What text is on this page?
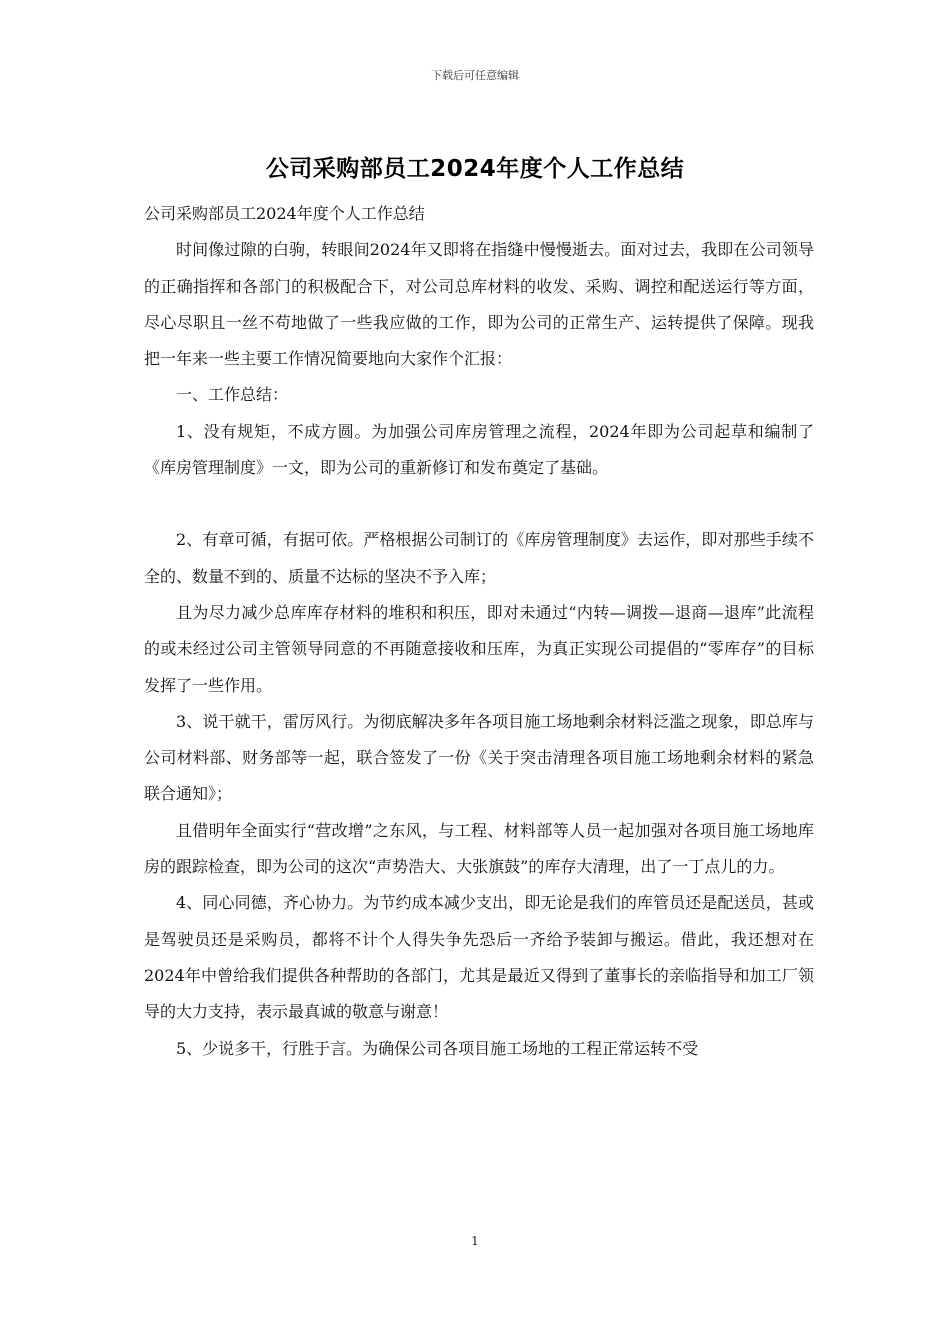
下载后可任意编辑
公司采购部员工2024年度个人工作总结

公司采购部员工2024年度个人工作总结

时间像过隙的白驹，转眼间2024年又即将在指缝中慢慢逝去。面对过去，我即在公司领导的正确指挥和各部门的积极配合下，对公司总库材料的收发、采购、调控和配送运行等方面，尽心尽职且一丝不苟地做了一些我应做的工作，即为公司的正常生产、运转提供了保障。现我把一年来一些主要工作情况简要地向大家作个汇报：

一、工作总结：

1、没有规矩，不成方圆。为加强公司库房管理之流程，2024年即为公司起草和编制了《库房管理制度》一文，即为公司的重新修订和发布奠定了基础。

2、有章可循，有据可依。严格根据公司制订的《库房管理制度》去运作，即对那些手续不全的、数量不到的、质量不达标的坚决不予入库；

且为尽力减少总库库存材料的堆积和积压，即对未通过“内转—调拨—退商—退库”此流程的或未经过公司主管领导同意的不再随意接收和压库，为真正实现公司提倡的“零库存”的目标发挥了一些作用。

3、说干就干，雷厉风行。为彻底解决多年各项目施工场地剩余材料泛滥之现象，即总库与公司材料部、财务部等一起，联合签发了一份《关于突击清理各项目施工场地剩余材料的紧急联合通知》；

且借明年全面实行“营改增”之东风，与工程、材料部等人员一起加强对各项目施工场地库房的跟踪检查，即为公司的这次“声势浩大、大张旗鼓”的库存大清理，出了一丁点儿的力。

4、同心同德，齐心协力。为节约成本减少支出，即无论是我们的库管员还是配送员，甚或是驾驶员还是采购员，都将不计个人得失争先恐后一齐给予装卸与搬运。借此，我还想对在2024年中曾给我们提供各种帮助的各部门，尤其是最近又得到了董事长的亲临指导和加工厂领导的大力支持，表示最真诚的敬意与谢意！

5、少说多干，行胜于言。为确保公司各项目施工场地的工程正常运转不受

1
